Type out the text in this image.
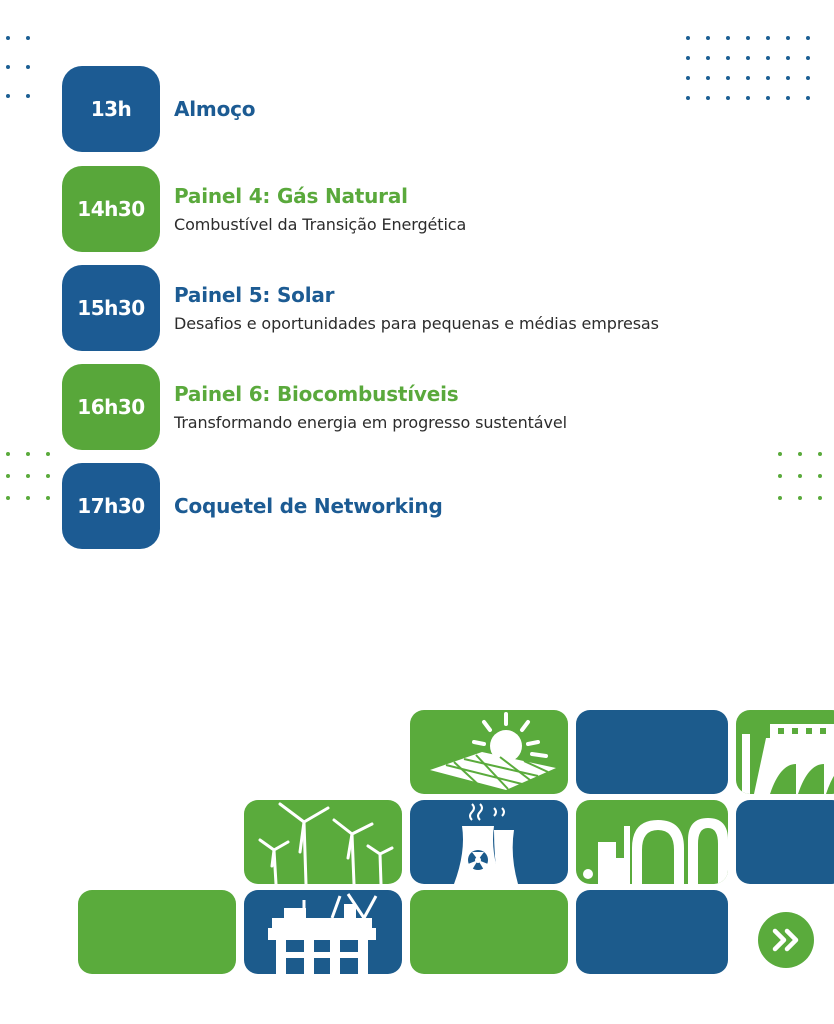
13h	Almoço
14h30
Painel 4: Gás Natural
Combustível da Transição Energética
15h30
Painel 5: Solar
Desafios e oportunidades para pequenas e médias empresas
16h30
Painel 6: Biocombustíveis
Transformando energia em progresso sustentável
17h30	Coquetel de Networking
